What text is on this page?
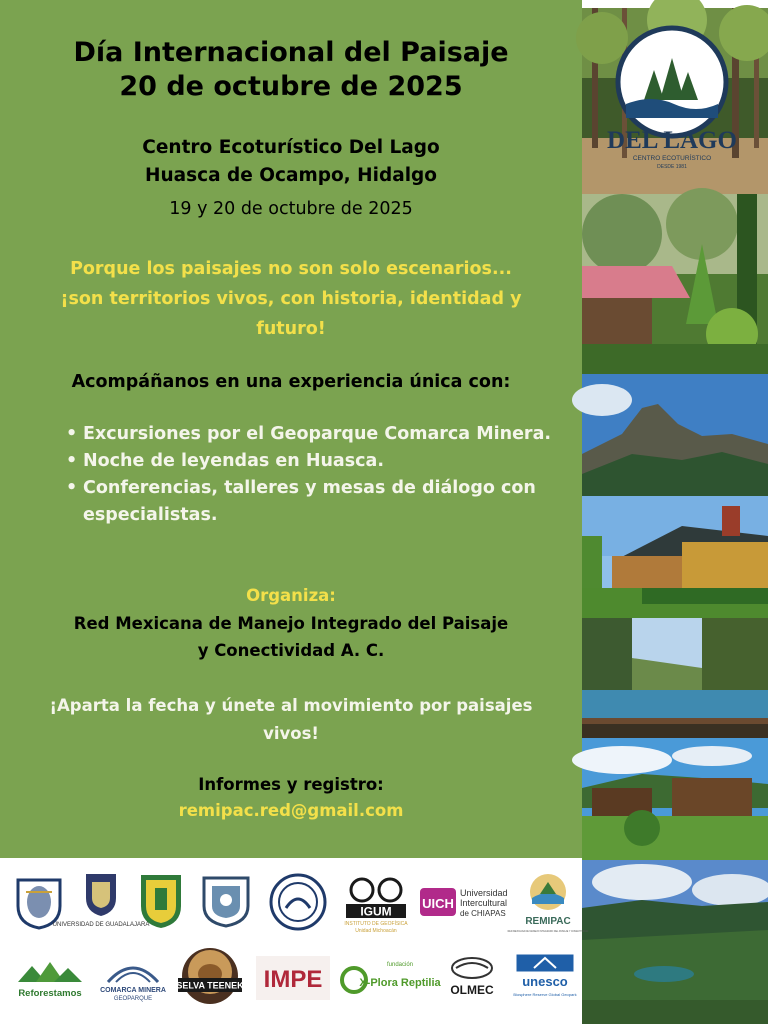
Día Internacional del Paisaje
20 de octubre de 2025
Centro Ecoturístico Del Lago
Huasca de Ocampo, Hidalgo
19 y 20 de octubre de 2025
Porque los paisajes no son solo escenarios...
¡son territorios vivos, con historia, identidad y
futuro!
Acompáñanos en una experiencia única con:
• Excursiones por el Geoparque Comarca Minera.
• Noche de leyendas en Huasca.
• Conferencias, talleres y mesas de diálogo con especialistas.
Organiza:
Red Mexicana de Manejo Integrado del Paisaje
y Conectividad A. C.
¡Aparta la fecha y únete al movimiento por paisajes
vivos!
Informes y registro:
remipac.red@gmail.com
DEL LAGO
CENTRO ECOTURÍSTICO
DESDE 1981
UNIVERSIDAD DE GUADALAJARA
IGUM
INSTITUTO DE GEOFÍSICA
Unidad Michoacán
UICH
Universidad
Intercultural
de CHIAPAS
REMIPAC
RED MEXICANA DE MANEJO INTEGRADO DEL PAISAJE Y CONECTIVIDAD
Reforestamos	COMARCA MINERA
GEOPARQUE
SELVA TEENEK IMPE
fundación
X-Plora Reptilia OLMEC
unesco
Biosphere Reserve Global Geopark
